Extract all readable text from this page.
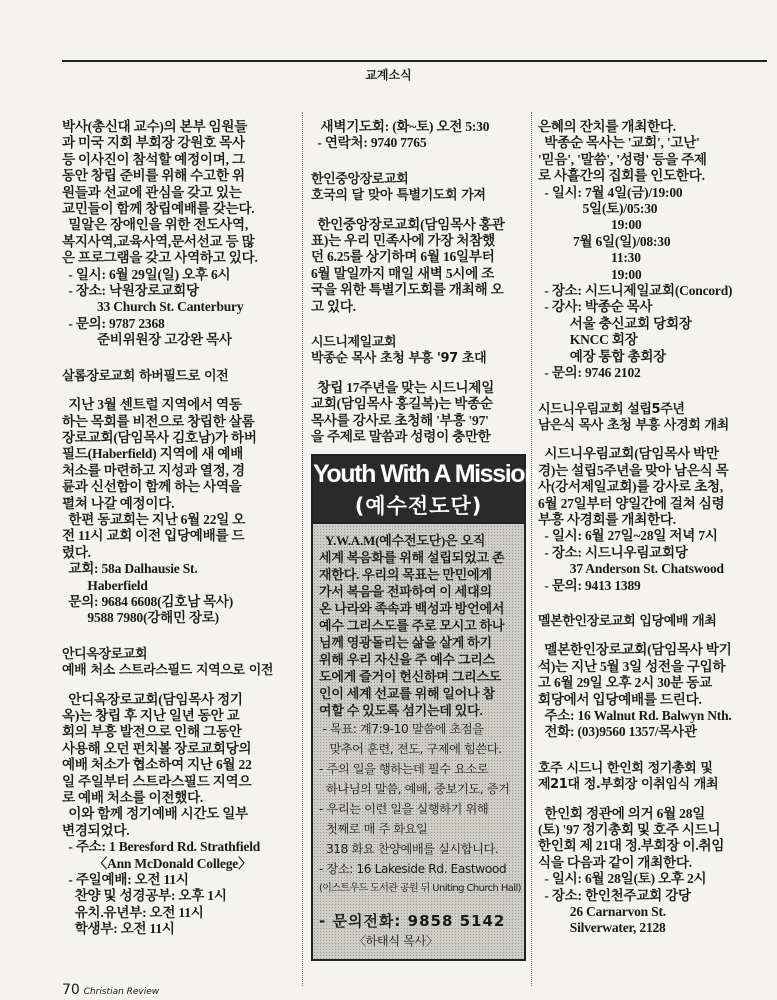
교계소식
박사(총신대 교수)의 본부 임원들
과 미국 지회 부회장 강원호 목사
등 이사진이 참석할 예정이며, 그
동안 창립 준비를 위해 수고한 위
원들과 선교에 관심을 갖고 있는
교민들이 함께 창립예배를 갖는다.
밀알은 장애인을 위한 전도사역,
복지사역,교육사역,문서선교 등 많
은 프로그램을 갖고 사역하고 있다.
- 일시: 6월 29일(일) 오후 6시
- 장소: 낙원장로교회당
33 Church St. Canterbury
- 문의: 9787 2368
준비위원장 고강완 목사
살롬장로교회 하버필드로 이전
지난 3월 센트럴 지역에서 역동
하는 목회를 비전으로 창립한 살롬
장로교회(담임목사 김호남)가 하버
필드(Haberfield) 지역에 새 예배
처소를 마련하고 지성과 열정, 경
륜과 신선함이 함께 하는 사역을
펼쳐 나갈 예정이다.
한편 동교회는 지난 6월 22일 오
전 11시 교회 이전 입당예배를 드
렸다.
교회: 58a Dalhausie St.
Haberfield
문의: 9684 6608(김호남 목사)
9588 7980(강해민 장로)
안디옥장로교회
예배 처소 스트라스필드 지역으로 이전
안디옥장로교회(담임목사 정기
옥)는 창립 후 지난 일년 동안 교
회의 부흥 발전으로 인해 그동안
사용해 오던 펀치볼 장로교회당의
예배 처소가 협소하여 지난 6월 22
일 주일부터 스트라스필드 지역으
로 예배 처소를 이전했다.
이와 함께 정기예배 시간도 일부
변경되었다.
- 주소: 1 Beresford Rd. Strathfield
〈Ann McDonald College〉
- 주일예배: 오전 11시
찬양 및 성경공부: 오후 1시
유치.유년부: 오전 11시
학생부: 오전 11시
새벽기도회: (화~토) 오전 5:30
- 연락처: 9740 7765
한인중앙장로교회
호국의 달 맞아 특별기도회 가져
한인중앙장로교회(담임목사 홍관
표)는 우리 민족사에 가장 처참했
던 6.25를 상기하며 6월 16일부터
6월 말일까지 매일 새벽 5시에 조
국을 위한 특별기도회를 개최해 오
고 있다.
시드니제일교회
박종순 목사 초청 부흥 '97 초대
창립 17주년을 맞는 시드니제일
교회(담임목사 홍길복)는 박종순
목사를 강사로 초청해 '부흥 '97'
을 주제로 말씀과 성령이 충만한
Youth With A Mission
(예수전도단)
Y.W.A.M(예수전도단)은 오직
세계 복음화를 위해 설립되었고 존
재한다. 우리의 목표는 만민에게
가서 복음을 전파하여 이 세대의
온 나라와 족속과 백성과 방언에서
예수 그리스도를 주로 모시고 하나
님께 영광돌리는 삶을 살게 하기
위해 우리 자신을 주 예수 그리스
도에게 즐거이 헌신하며 그리스도
인이 세계 선교를 위해 일어나 참
여할 수 있도록 섬기는데 있다.
- 목표: 계7:9-10 말씀에 초점을
맞추어 훈련, 전도, 구제에 힘쓴다.
- 주의 일을 행하는데 필수 요소로
하나님의 말씀, 예배, 중보기도, 증거
- 우리는 이런 일을 실행하기 위해
첫째로 매 주 화요일
318 화요 찬양예배를 실시합니다.
- 장소: 16 Lakeside Rd. Eastwood
(이스트우드 도서관 공원 뒤 Uniting Church Hall)
- 문의전화: 9858 5142
〈하태식 목사〉
은혜의 잔치를 개최한다.
박종순 목사는 '교회', '고난'
'믿음', '말씀', '성령' 등을 주제
로 사흘간의 집회를 인도한다.
- 일시: 7월 4일(금)/19:00
5일(토)/05:30
19:00
7월 6일(일)/08:30
11:30
19:00
- 장소: 시드니제일교회(Concord)
- 강사: 박종순 목사
서울 충신교회 당회장
KNCC 회장
예장 통합 총회장
- 문의: 9746 2102
시드니우림교회 설립5주년
남은식 목사 초청 부흥 사경회 개최
시드니우림교회(담임목사 박만
경)는 설립5주년을 맞아 남은식 목
사(강서제일교회)를 강사로 초청,
6월 27일부터 양일간에 걸쳐 심령
부흥 사경회를 개최한다.
- 일시: 6월 27일~28일 저녁 7시
- 장소: 시드니우림교회당
37 Anderson St. Chatswood
- 문의: 9413 1389
멜본한인장로교회 입당예배 개최
멜본한인장로교회(담임목사 박기
석)는 지난 5월 3일 성전을 구입하
고 6월 29일 오후 2시 30분 동교
회당에서 입당예배를 드린다.
주소: 16 Walnut Rd. Balwyn Nth.
전화: (03)9560 1357/목사관
호주 시드니 한인회 정기총회 및
제21대 정.부회장 이취임식 개최
한인회 정관에 의거 6월 28일
(토) '97 정기총회 및 호주 시드니
한인회 제 21대 정.부회장 이.취임
식을 다음과 같이 개최한다.
- 일시: 6월 28일(토) 오후 2시
- 장소: 한인천주교회 강당
26 Carnarvon St.
Silverwater, 2128
70 Christian Review
